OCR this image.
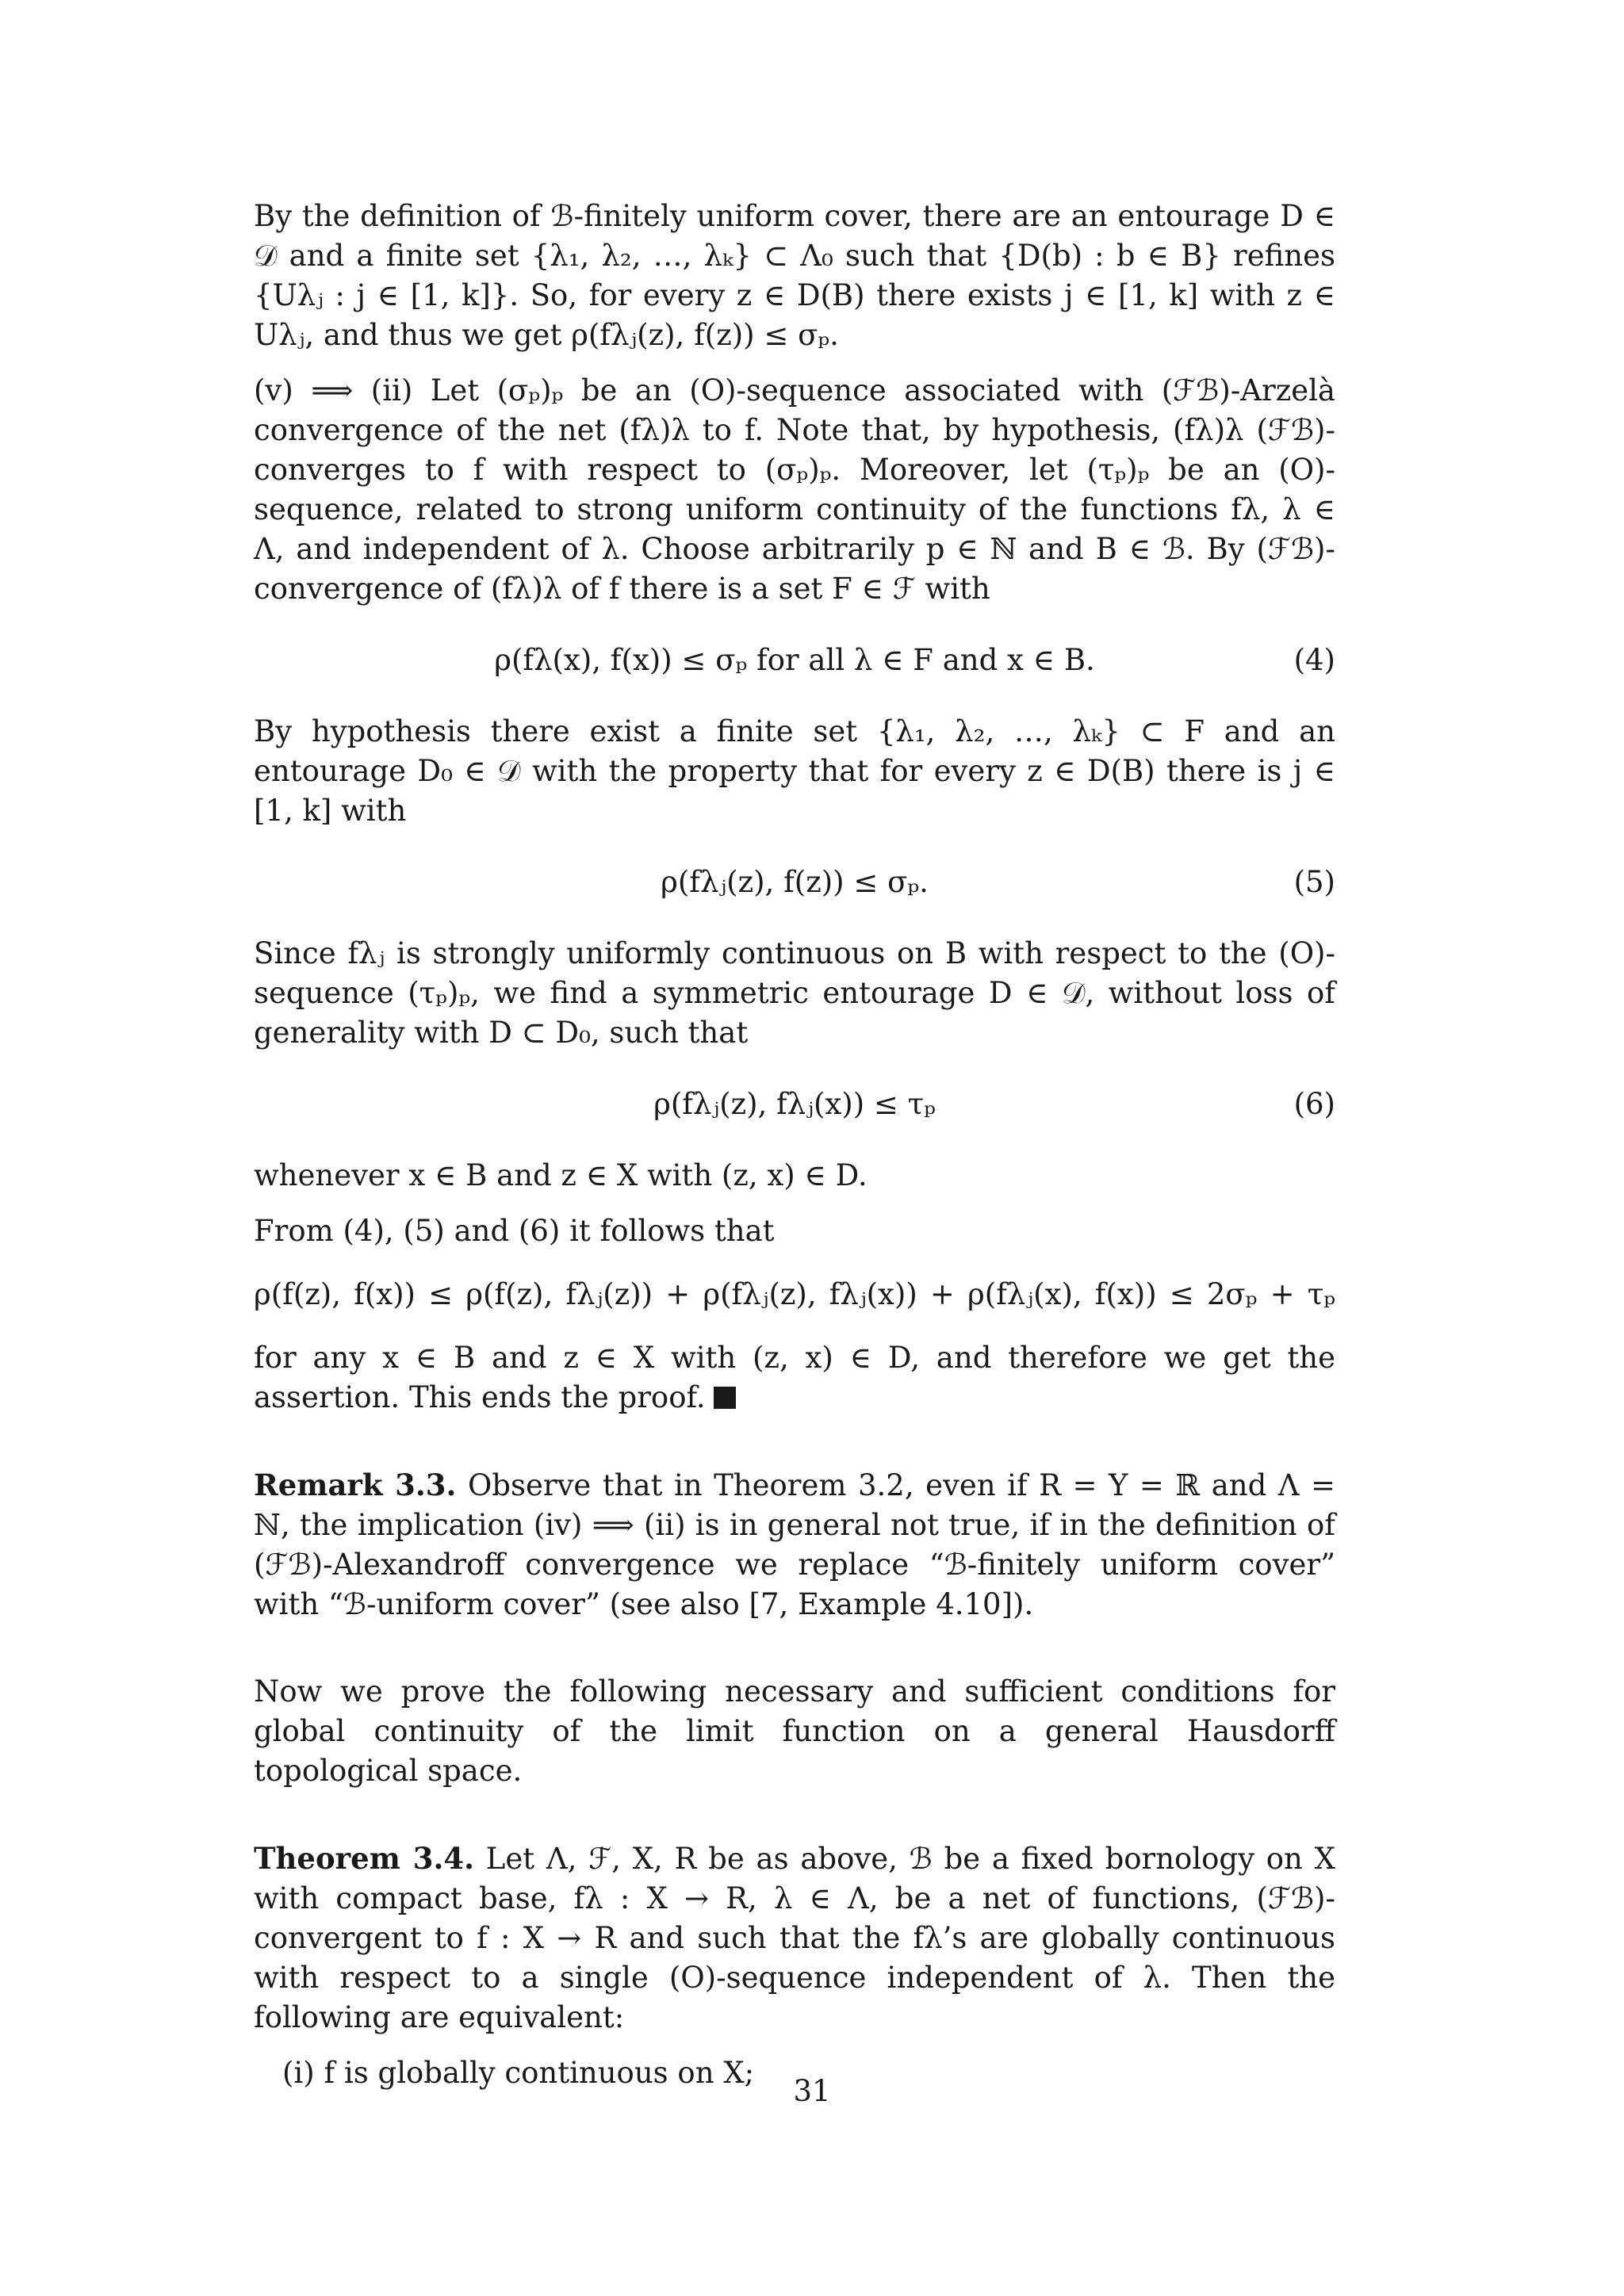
By the definition of ℬ-finitely uniform cover, there are an entourage D ∈ 𝒟 and a finite set {λ₁, λ₂, …, λₖ} ⊂ Λ₀ such that {D(b) : b ∈ B} refines {Uλⱼ : j ∈ [1, k]}. So, for every z ∈ D(B) there exists j ∈ [1, k] with z ∈ Uλⱼ, and thus we get ρ(fλⱼ(z), f(z)) ≤ σₚ.

(v) ⟹ (ii) Let (σₚ)ₚ be an (O)-sequence associated with (ℱℬ)-Arzelà convergence of the net (fλ)λ to f. Note that, by hypothesis, (fλ)λ (ℱℬ)-converges to f with respect to (σₚ)ₚ. Moreover, let (τₚ)ₚ be an (O)-sequence, related to strong uniform continuity of the functions fλ, λ ∈ Λ, and independent of λ. Choose arbitrarily p ∈ ℕ and B ∈ ℬ. By (ℱℬ)-convergence of (fλ)λ of f there is a set F ∈ ℱ with

ρ(fλ(x), f(x)) ≤ σₚ for all λ ∈ F and x ∈ B.	(4)

By hypothesis there exist a finite set {λ₁, λ₂, …, λₖ} ⊂ F and an entourage D₀ ∈ 𝒟 with the property that for every z ∈ D(B) there is j ∈ [1, k] with

ρ(fλⱼ(z), f(z)) ≤ σₚ.	(5)

Since fλⱼ is strongly uniformly continuous on B with respect to the (O)-sequence (τₚ)ₚ, we find a symmetric entourage D ∈ 𝒟, without loss of generality with D ⊂ D₀, such that

ρ(fλⱼ(z), fλⱼ(x)) ≤ τₚ	(6)

whenever x ∈ B and z ∈ X with (z, x) ∈ D.

From (4), (5) and (6) it follows that

ρ(f(z), f(x)) ≤ ρ(f(z), fλⱼ(z)) + ρ(fλⱼ(z), fλⱼ(x)) + ρ(fλⱼ(x), f(x)) ≤ 2σₚ + τₚ

for any x ∈ B and z ∈ X with (z, x) ∈ D, and therefore we get the assertion. This ends the proof.

Remark 3.3. Observe that in Theorem 3.2, even if R = Y = ℝ and Λ = ℕ, the implication (iv) ⟹ (ii) is in general not true, if in the definition of (ℱℬ)-Alexandroff convergence we replace “ℬ-finitely uniform cover” with “ℬ-uniform cover” (see also [7, Example 4.10]).

Now we prove the following necessary and sufficient conditions for global continuity of the limit function on a general Hausdorff topological space.

Theorem 3.4. Let Λ, ℱ, X, R be as above, ℬ be a fixed bornology on X with compact base, fλ : X → R, λ ∈ Λ, be a net of functions, (ℱℬ)-convergent to f : X → R and such that the fλ’s are globally continuous with respect to a single (O)-sequence independent of λ. Then the following are equivalent:

(i) f is globally continuous on X;
31
